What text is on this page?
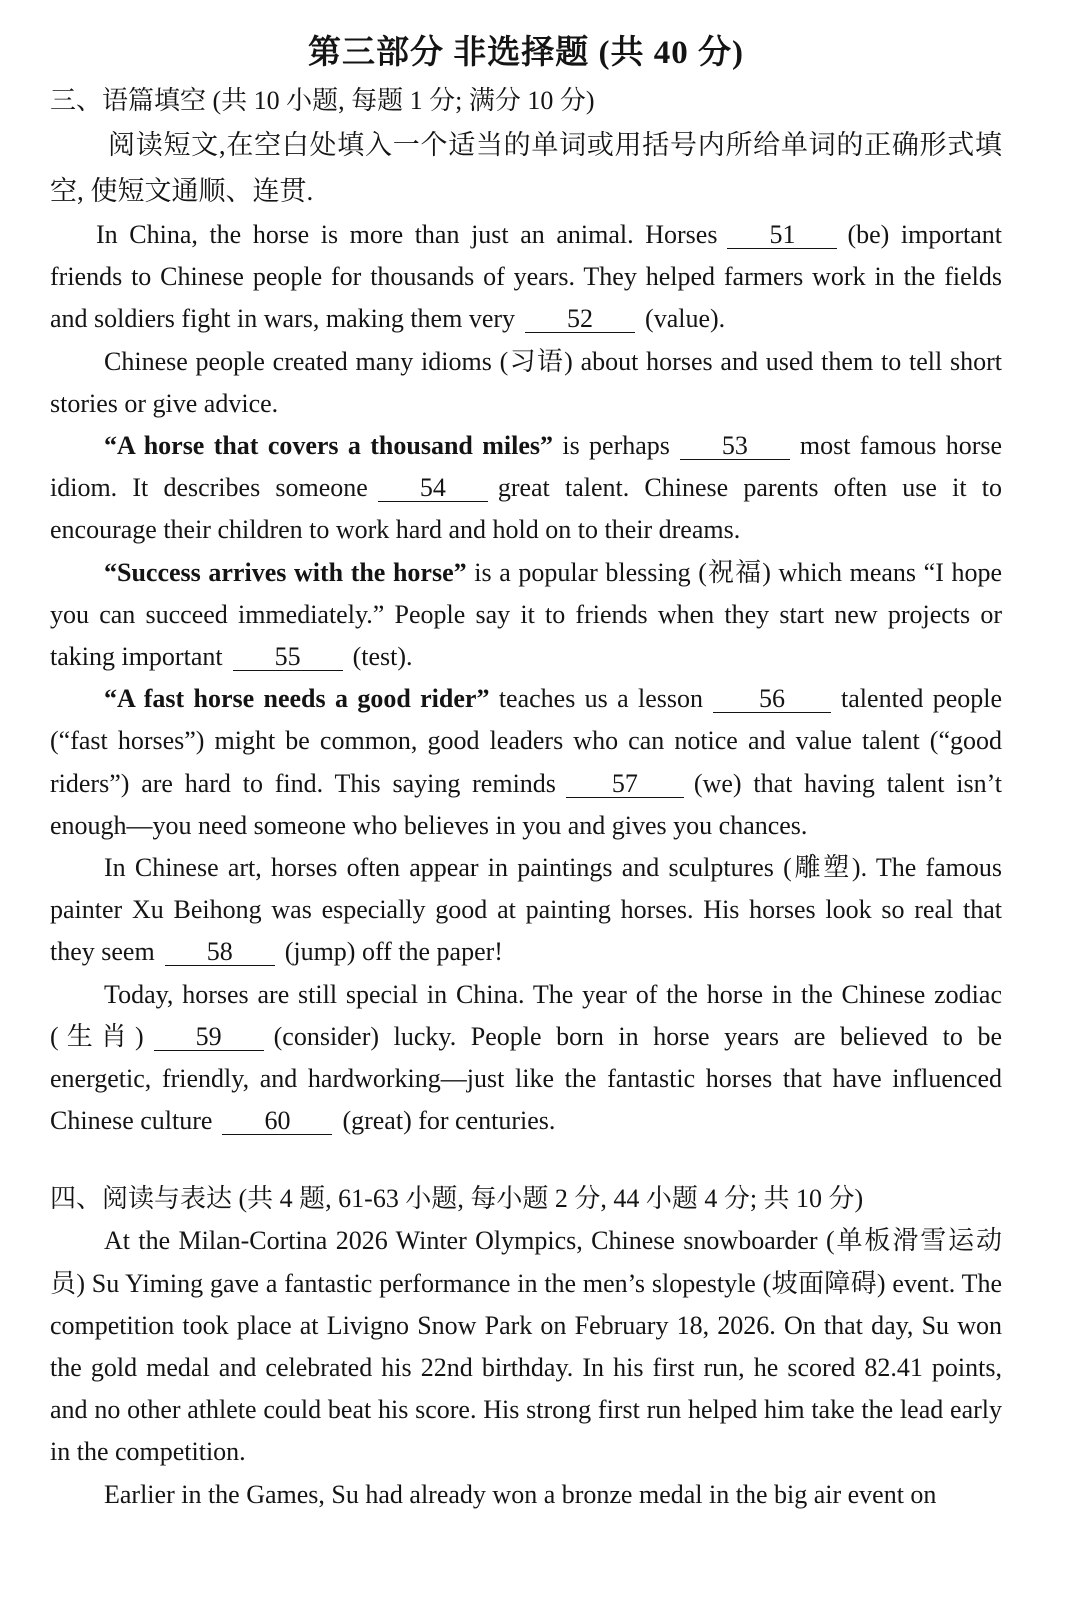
第三部分 非选择题 (共 40 分)
三、语篇填空 (共 10 小题, 每题 1 分; 满分 10 分)
阅读短文,在空白处填入一个适当的单词或用括号内所给单词的正确形式填空, 使短文通顺、连贯.

In China, the horse is more than just an animal. Horses 51 (be) important friends to Chinese people for thousands of years. They helped farmers work in the fields and soldiers fight in wars, making them very 52 (value).

Chinese people created many idioms (习语) about horses and used them to tell short stories or give advice.

“A horse that covers a thousand miles” is perhaps 53 most famous horse idiom. It describes someone 54 great talent. Chinese parents often use it to encourage their children to work hard and hold on to their dreams.

“Success arrives with the horse” is a popular blessing (祝福) which means “I hope you can succeed immediately.” People say it to friends when they start new projects or taking important 55 (test).

“A fast horse needs a good rider” teaches us a lesson 56 talented people (“fast horses”) might be common, good leaders who can notice and value talent (“good riders”) are hard to find. This saying reminds 57 (we) that having talent isn’t enough—you need someone who believes in you and gives you chances.

In Chinese art, horses often appear in paintings and sculptures (雕塑). The famous painter Xu Beihong was especially good at painting horses. His horses look so real that they seem 58 (jump) off the paper!

Today, horses are still special in China. The year of the horse in the Chinese zodiac (生肖) 59 (consider) lucky. People born in horse years are believed to be energetic, friendly, and hardworking—just like the fantastic horses that have influenced Chinese culture 60 (great) for centuries.

四、阅读与表达 (共 4 题, 61-63 小题, 每小题 2 分, 44 小题 4 分; 共 10 分)

At the Milan-Cortina 2026 Winter Olympics, Chinese snowboarder (单板滑雪运动员) Su Yiming gave a fantastic performance in the men’s slopestyle (坡面障碍) event. The competition took place at Livigno Snow Park on February 18, 2026. On that day, Su won the gold medal and celebrated his 22nd birthday. In his first run, he scored 82.41 points, and no other athlete could beat his score. His strong first run helped him take the lead early in the competition.

Earlier in the Games, Su had already won a bronze medal in the big air event on
